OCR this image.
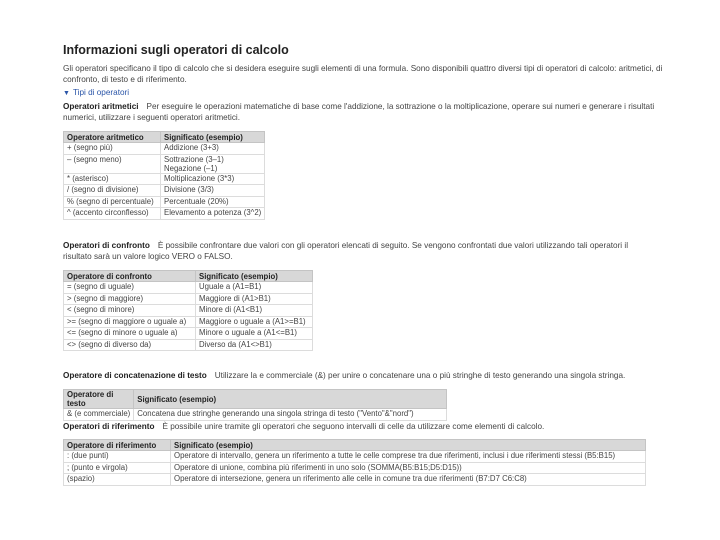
Informazioni sugli operatori di calcolo
Gli operatori specificano il tipo di calcolo che si desidera eseguire sugli elementi di una formula. Sono disponibili quattro diversi tipi di operatori di calcolo: aritmetici, di confronto, di testo e di riferimento.
▼ Tipi di operatori
Operatori aritmetici Per eseguire le operazioni matematiche di base come l'addizione, la sottrazione o la moltiplicazione, operare sui numeri e generare i risultati numerici, utilizzare i seguenti operatori aritmetici.
Operatore aritmetico	Significato (esempio)
+ (segno più)	Addizione (3+3)
– (segno meno)	Sottrazione (3–1)
Negazione (–1)
* (asterisco)	Moltiplicazione (3*3)
/ (segno di divisione)	Divisione (3/3)
% (segno di percentuale)	Percentuale (20%)
^ (accento circonflesso)	Elevamento a potenza (3^2)
Operatori di confronto È possibile confrontare due valori con gli operatori elencati di seguito. Se vengono confrontati due valori utilizzando tali operatori il risultato sarà un valore logico VERO o FALSO.
Operatore di confronto	Significato (esempio)
= (segno di uguale)	Uguale a (A1=B1)
> (segno di maggiore)	Maggiore di (A1>B1)
< (segno di minore)	Minore di (A1<B1)
>= (segno di maggiore o uguale a)	Maggiore o uguale a (A1>=B1)
<= (segno di minore o uguale a)	Minore o uguale a (A1<=B1)
<> (segno di diverso da)	Diverso da (A1<>B1)
Operatore di concatenazione di testo Utilizzare la e commerciale (&) per unire o concatenare una o più stringhe di testo generando una singola stringa.
Operatore di testo	Significato (esempio)
& (e commerciale)	Concatena due stringhe generando una singola stringa di testo ("Vento"&"nord")
Operatori di riferimento È possibile unire tramite gli operatori che seguono intervalli di celle da utilizzare come elementi di calcolo.
Operatore di riferimento	Significato (esempio)
: (due punti)	Operatore di intervallo, genera un riferimento a tutte le celle comprese tra due riferimenti, inclusi i due riferimenti stessi (B5:B15)
; (punto e virgola)	Operatore di unione, combina più riferimenti in uno solo (SOMMA(B5:B15;D5:D15))
(spazio)	Operatore di intersezione, genera un riferimento alle celle in comune tra due riferimenti (B7:D7 C6:C8)
